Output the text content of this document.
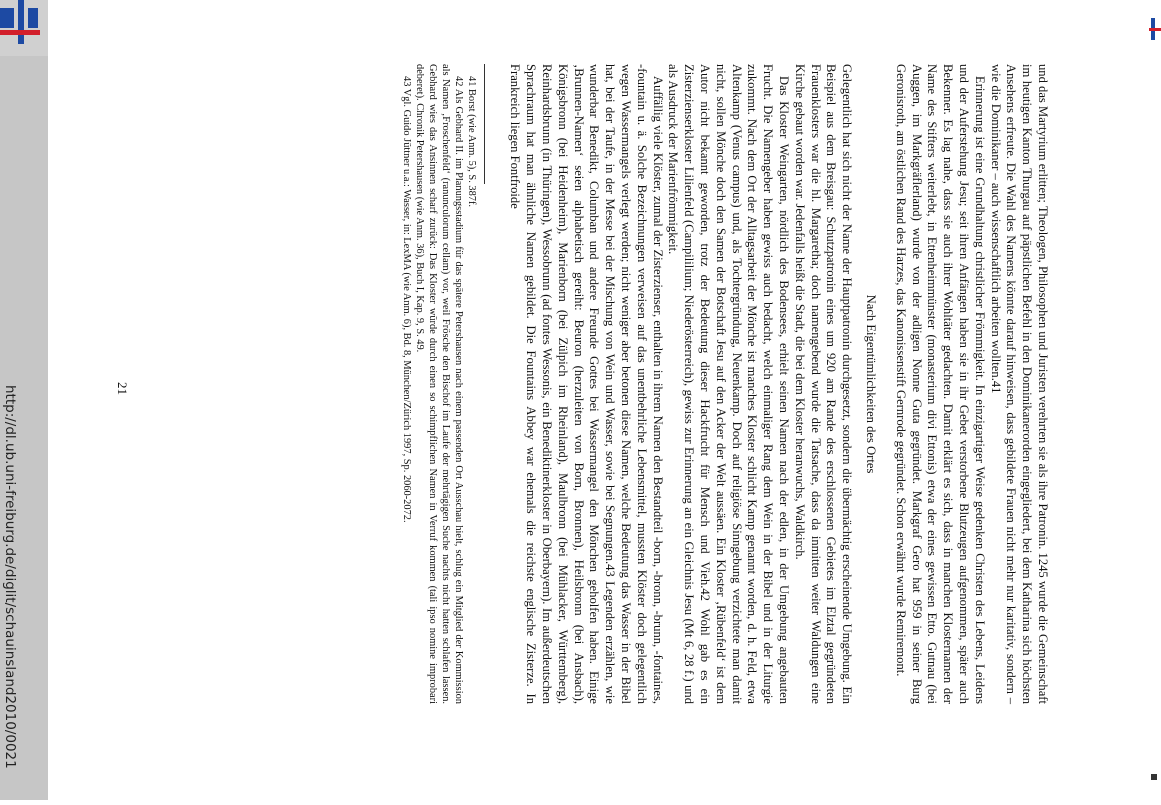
http://dl.ub.uni-freiburg.de/diglit/schauinsland2010/0021	und das Martyrium erlitten; Theologen, Philosophen und Juristen verehrten sie als ihre Patronin. 1245 wurde die Gemeinschaft im heutigen Kanton Thurgau auf päpstlichen Befehl in den Dominikanerorden eingegliedert, bei dem Katharina sich höchsten Ansehens erfreute. Die Wahl des Namens könnte darauf hinweisen, dass gebildete Frauen nicht mehr nur karitativ, sondern – wie die Dominikaner – auch wissenschaftlich arbeiten wollten.41

Erinnerung ist eine Grundhaltung christlicher Frömmigkeit. In einzigartiger Weise gedenken Christen des Lebens, Leidens und der Auferstehung Jesu; seit ihren Anfängen haben sie in ihr Gebet verstorbene Blutzeugen aufgenommen, später auch Bekenner. Es lag nahe, dass sie auch ihrer Wohltäter gedachten. Damit erklärt es sich, dass in manchen Klosternamen der Name des Stifters weiterlebt, in Ettenheimmünster (monasterium divi Ettonis) etwa der eines gewissen Etto. Gutnau (bei Auggen, im Markgräflerland) wurde von der adligen Nonne Guta gegründet. Markgraf Gero hat 959 in seiner Burg Geronisroth, am östlichen Rand des Harzes, das Kanonissenstift Gernrode gegründet. Schon erwähnt wurde Remiremont.

Nach Eigentümlichkeiten des Ortes

Gelegentlich hat sich nicht der Name der Hauptpatronin durchgesetzt, sondern die übermächtig erscheinende Umgebung. Ein Beispiel aus dem Breisgau: Schutzpatronin eines um 920 am Rande des erschlossenen Gebietes im Elztal gegründeten Frauenklosters war die hl. Margaretha; doch namengebend wurde die Tatsache, dass da inmitten weiter Waldungen eine Kirche gebaut worden war. Jedenfalls heißt die Stadt, die bei dem Kloster heranwuchs, Waldkirch.

Das Kloster Weingarten, nördlich des Bodensees, erhielt seinen Namen nach der edlen, in der Umgebung angebauten Frucht. Die Namengeber haben gewiss auch bedacht, welch einmaliger Rang dem Wein in der Bibel und in der Liturgie zukommt. Nach dem Ort der Alltagsarbeit der Mönche ist manches Kloster schlicht Kamp genannt worden, d. h. Feld, etwa Altenkamp (Venus campus) und, als Tochtergründung, Neuenkamp. Doch auf religiöse Sinngebung verzichtete man damit nicht, sollen Mönche doch den Samen der Botschaft Jesu auf den Acker der Welt aussäen. Ein Kloster ‚Rübenfeld‘ ist dem Autor nicht bekannt geworden, trotz der Bedeutung dieser Hackfrucht für Mensch und Vieh.42 Wohl gab es ein Zisterzienserkloster Lilienfeld (Campililium; Niederösterreich), gewiss zur Erinnerung an ein Gleichnis Jesu (Mt 6, 28 f.) und als Ausdruck der Marienfrömmigkeit.

Auffällig viele Klöster, zumal der Zisterzienser, enthalten in ihrem Namen den Bestandteil -born, -bronn, -brunn, -fontaines, -fountain u. ä. Solche Bezeichnungen verweisen auf das unentbehrliche Lebensmittel, mussten Klöster doch gelegentlich wegen Wassermangels verlegt werden; nicht weniger aber betonen diese Namen, welche Bedeutung das Wasser in der Bibel hat, bei der Taufe, in der Messe bei der Mischung von Wein und Wasser, sowie bei Segnungen.43 Legenden erzählen, wie wunderbar Benedikt, Columban und andere Freunde Gottes bei Wassermangel den Mönchen geholfen haben. Einige ‚Brunnen-Namen‘ seien alphabetisch gereiht: Beuron (herzuleiten von Born, Bronnen), Heilsbronn (bei Ansbach), Königsbronn (bei Heidenheim), Marienborn (bei Zülpich im Rheinland), Maulbronn (bei Mühlacker, Württemberg), Reinhardsbrunn (in Thüringen), Wessobrunn (ad fontes Wessonis, ein Benediktinerkloster in Oberbayern). Im außerdeutschen Sprachraum hat man ähnliche Namen gebildet. Die Fountains Abbey war ehemals die reichste englische Zisterze. In Frankreich liegen Fontfroide

41 Borst (wie Anm. 5), S. 387f.

42 Als Gebhard II. im Planungsstadium für das spätere Petershausen nach einem passenden Ort Ausschau hielt, schlug ein Mitglied der Kommission als Namen ‚Froschenfeld‘ (ranunculorum cellam) vor, weil Frösche den Bischof im Laufe der mehrtägigen Suche nachts nicht hatten schlafen lassen. Gebhard wies das Ansinnen scharf zurück: Das Kloster würde durch einen so schimpflichen Namen in Verruf kommen (tali ipso nomine improbari deberet). Chronik Petershausen (wie Anm. 36), Buch I, Kap. 9, S. 49.

43 Vgl. Guido Jüttner u.a.: Wasser, in: LexMA (wie Anm. 6), Bd. 8, München/Zürich 1997, Sp. 2060-2072.

21
